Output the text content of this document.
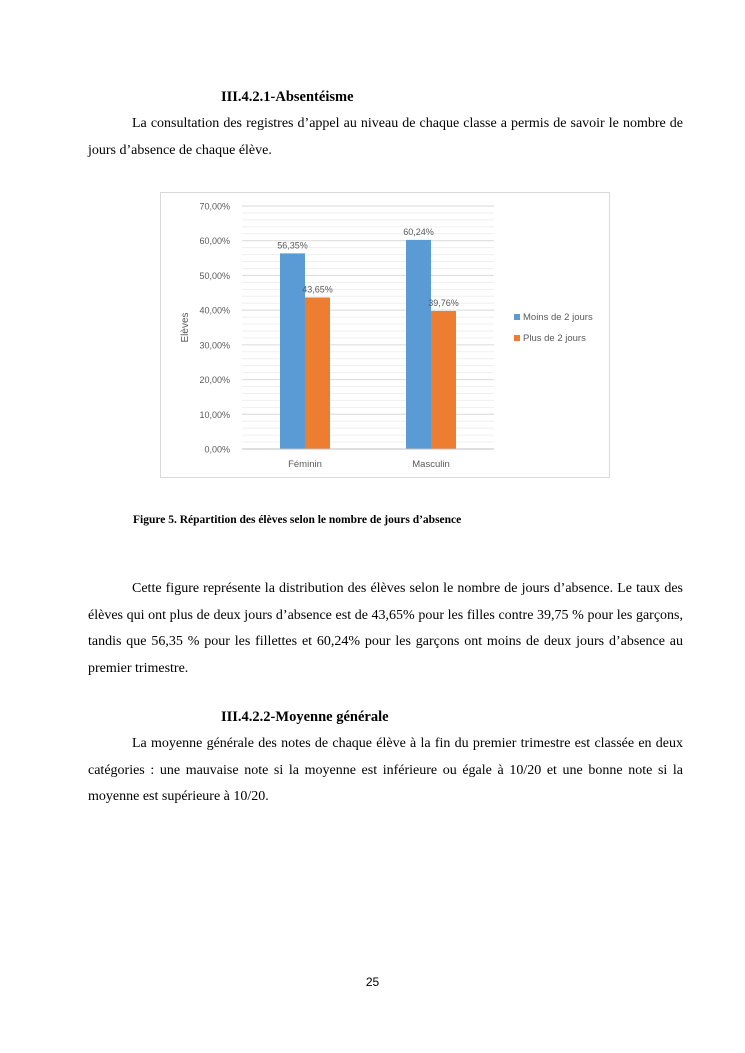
III.4.2.1-Absentéisme

La consultation des registres d’appel au niveau de chaque classe a permis de savoir le nombre de jours d’absence de chaque élève.

0,00%
10,00%
20,00%
30,00%
40,00%
50,00%
60,00%
70,00%
Elèves
56,35%
43,65%
Féminin
60,24%
39,76%
Masculin
Moins de 2 jours
Plus de 2 jours
Figure 5. Répartition des élèves selon le nombre de jours d’absence

Cette figure représente la distribution des élèves selon le nombre de jours d’absence. Le taux des élèves qui ont plus de deux jours d’absence est de 43,65% pour les filles contre 39,75 % pour les garçons, tandis que 56,35 % pour les fillettes et 60,24% pour les garçons ont moins de deux jours d’absence au premier trimestre.

III.4.2.2-Moyenne générale

La moyenne générale des notes de chaque élève à la fin du premier trimestre est classée en deux catégories : une mauvaise note si la moyenne est inférieure ou égale à 10/20 et une bonne note si la moyenne est supérieure à 10/20.

25
